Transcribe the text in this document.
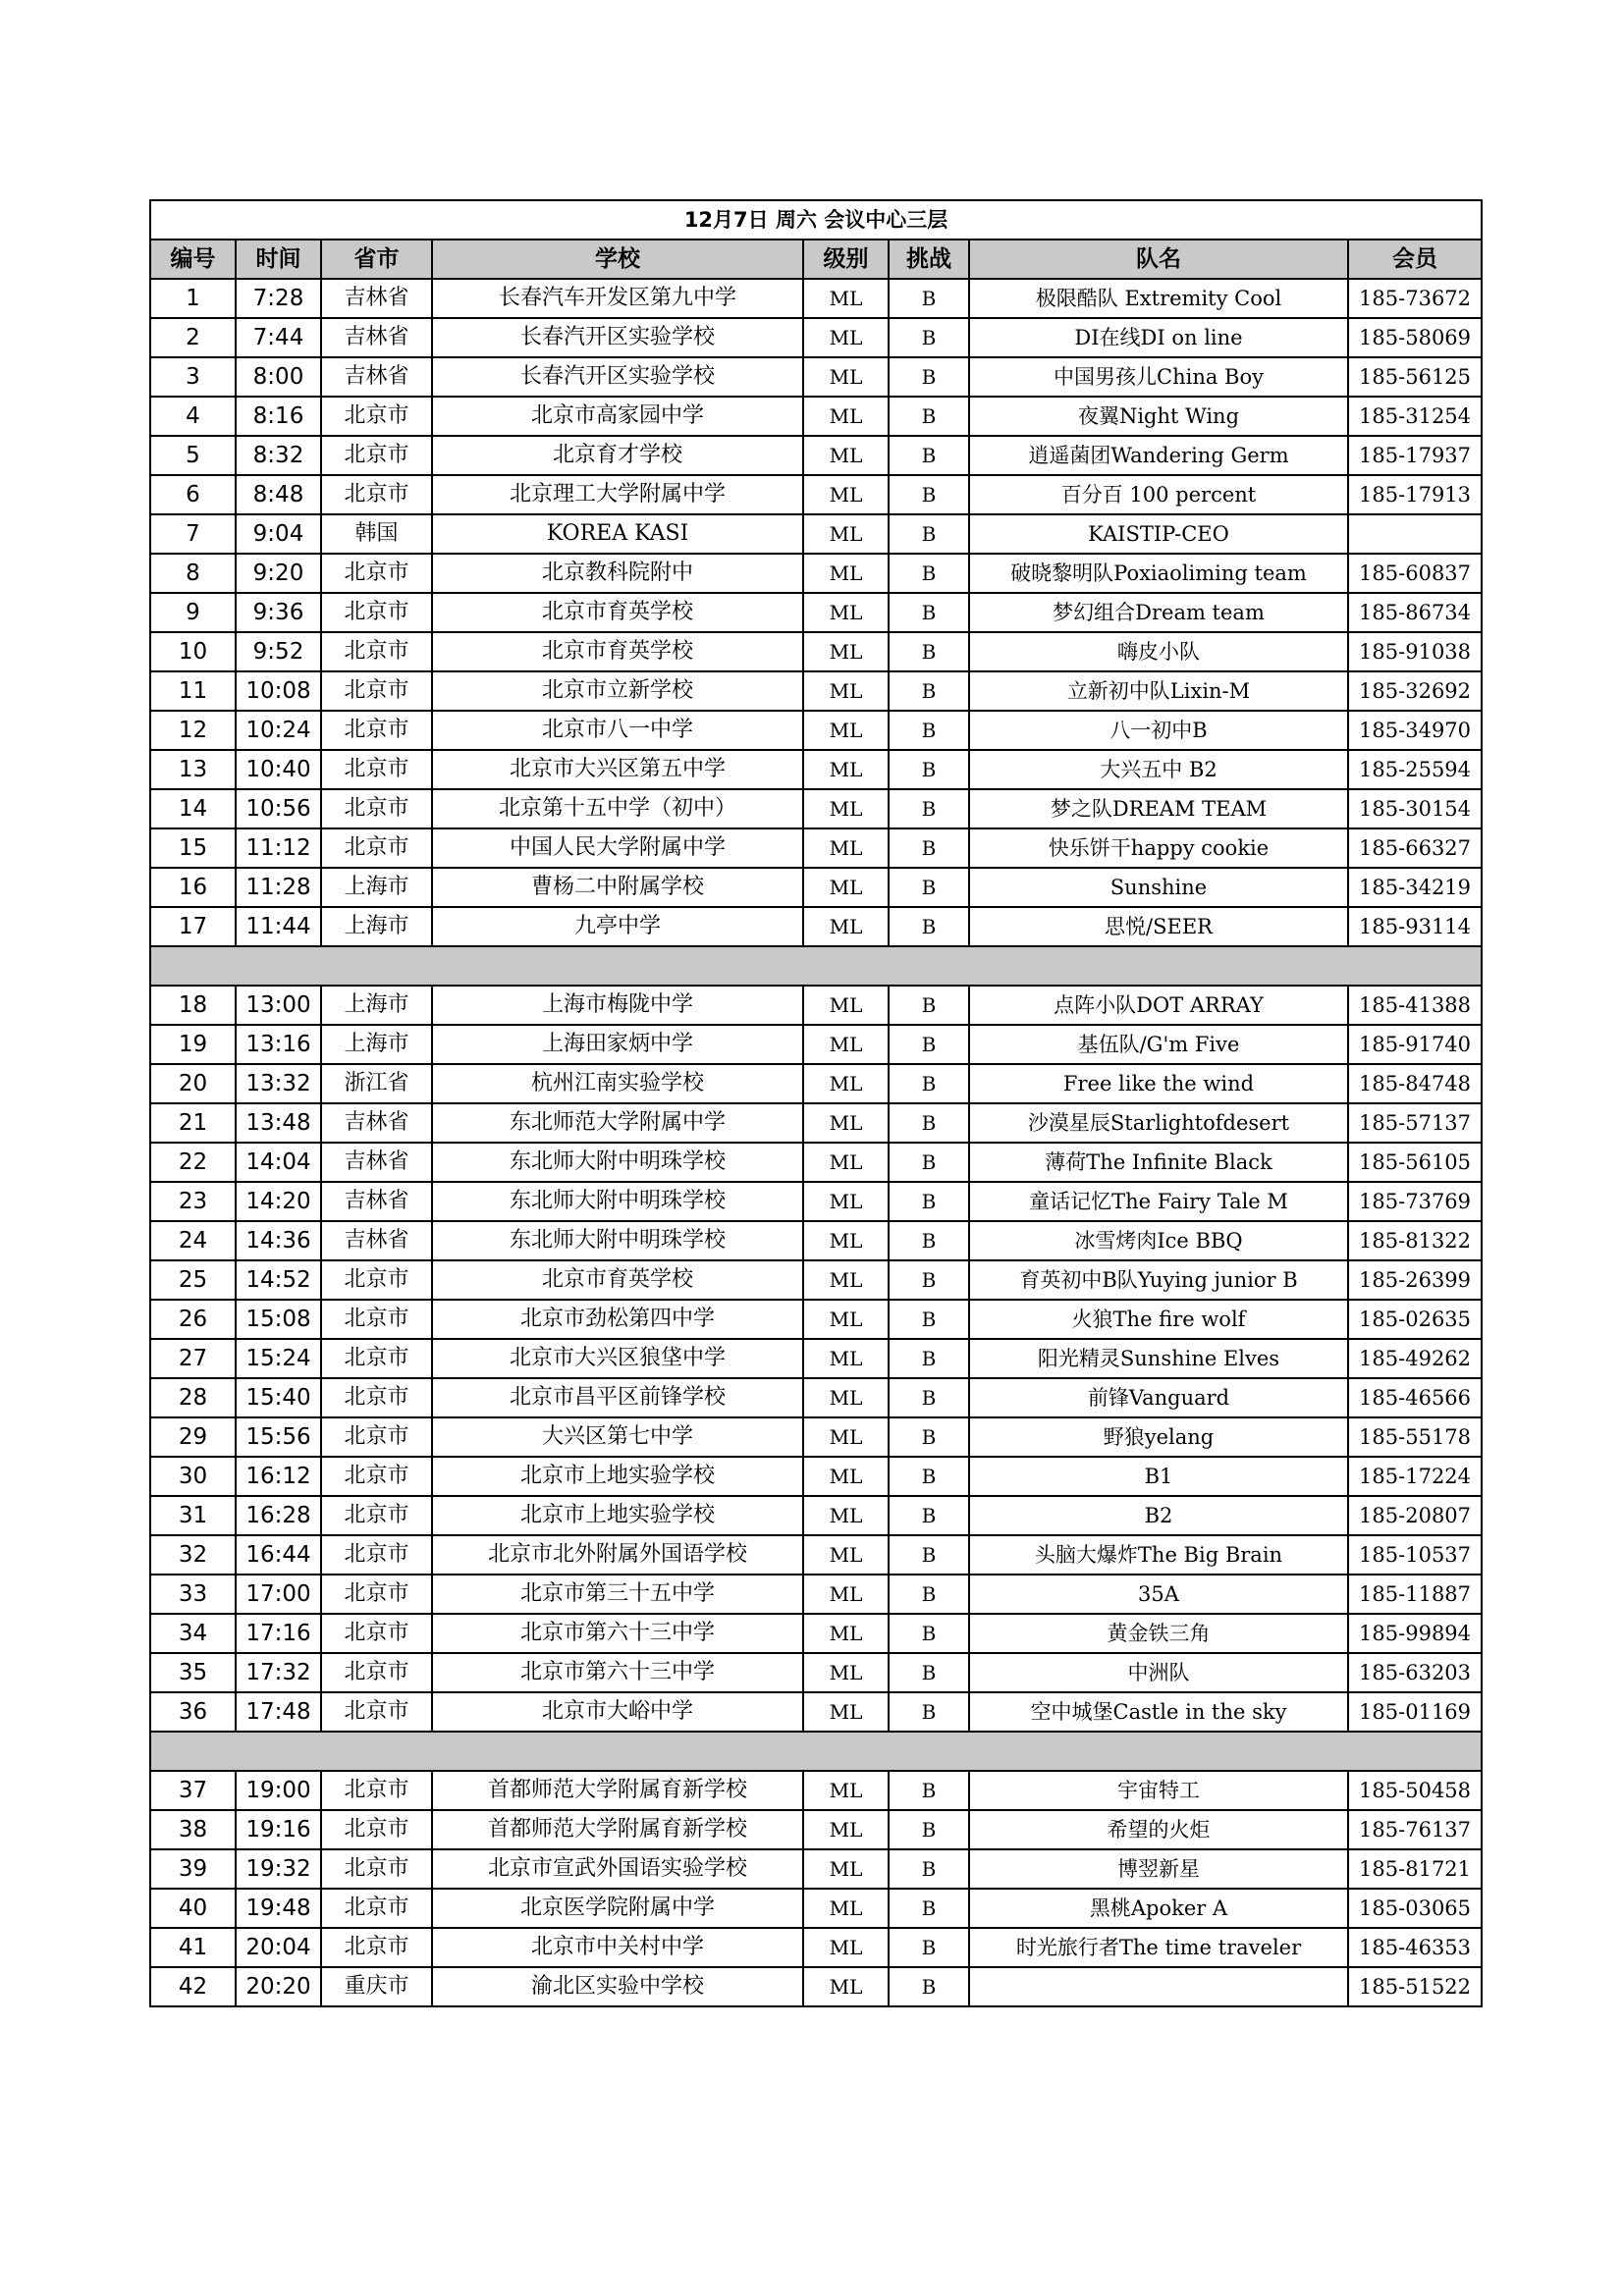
12月7日 周六 会议中心三层							
编号	时间	省市	学校	级别	挑战	队名	会员
1	7:28	吉林省	长春汽车开发区第九中学	ML	B	极限酷队 Extremity Cool	185-73672
2	7:44	吉林省	长春汽开区实验学校	ML	B	DI在线DI on line	185-58069
3	8:00	吉林省	长春汽开区实验学校	ML	B	中国男孩儿China Boy	185-56125
4	8:16	北京市	北京市高家园中学	ML	B	夜翼Night Wing	185-31254
5	8:32	北京市	北京育才学校	ML	B	逍遥菌团Wandering Germ	185-17937
6	8:48	北京市	北京理工大学附属中学	ML	B	百分百 100 percent	185-17913
7	9:04	韩国	KOREA KASI	ML	B	KAISTIP-CEO	
8	9:20	北京市	北京教科院附中	ML	B	破晓黎明队Poxiaoliming team	185-60837
9	9:36	北京市	北京市育英学校	ML	B	梦幻组合Dream team	185-86734
10	9:52	北京市	北京市育英学校	ML	B	嗨皮小队	185-91038
11	10:08	北京市	北京市立新学校	ML	B	立新初中队Lixin-M	185-32692
12	10:24	北京市	北京市八一中学	ML	B	八一初中B	185-34970
13	10:40	北京市	北京市大兴区第五中学	ML	B	大兴五中 B2	185-25594
14	10:56	北京市	北京第十五中学（初中）	ML	B	梦之队DREAM TEAM	185-30154
15	11:12	北京市	中国人民大学附属中学	ML	B	快乐饼干happy cookie	185-66327
16	11:28	上海市	曹杨二中附属学校	ML	B	Sunshine	185-34219
17	11:44	上海市	九亭中学	ML	B	思悦/SEER	185-93114

18	13:00	上海市	上海市梅陇中学	ML	B	点阵小队DOT ARRAY	185-41388
19	13:16	上海市	上海田家炳中学	ML	B	基伍队/G'm Five	185-91740
20	13:32	浙江省	杭州江南实验学校	ML	B	Free like the wind	185-84748
21	13:48	吉林省	东北师范大学附属中学	ML	B	沙漠星辰Starlightofdesert	185-57137
22	14:04	吉林省	东北师大附中明珠学校	ML	B	薄荷The Infinite Black	185-56105
23	14:20	吉林省	东北师大附中明珠学校	ML	B	童话记忆The Fairy Tale M	185-73769
24	14:36	吉林省	东北师大附中明珠学校	ML	B	冰雪烤肉Ice BBQ	185-81322
25	14:52	北京市	北京市育英学校	ML	B	育英初中B队Yuying junior B	185-26399
26	15:08	北京市	北京市劲松第四中学	ML	B	火狼The fire wolf	185-02635
27	15:24	北京市	北京市大兴区狼垡中学	ML	B	阳光精灵Sunshine Elves	185-49262
28	15:40	北京市	北京市昌平区前锋学校	ML	B	前锋Vanguard	185-46566
29	15:56	北京市	大兴区第七中学	ML	B	野狼yelang	185-55178
30	16:12	北京市	北京市上地实验学校	ML	B	B1	185-17224
31	16:28	北京市	北京市上地实验学校	ML	B	B2	185-20807
32	16:44	北京市	北京市北外附属外国语学校	ML	B	头脑大爆炸The Big Brain	185-10537
33	17:00	北京市	北京市第三十五中学	ML	B	35A	185-11887
34	17:16	北京市	北京市第六十三中学	ML	B	黄金铁三角	185-99894
35	17:32	北京市	北京市第六十三中学	ML	B	中洲队	185-63203
36	17:48	北京市	北京市大峪中学	ML	B	空中城堡Castle in the sky	185-01169

37	19:00	北京市	首都师范大学附属育新学校	ML	B	宇宙特工	185-50458
38	19:16	北京市	首都师范大学附属育新学校	ML	B	希望的火炬	185-76137
39	19:32	北京市	北京市宣武外国语实验学校	ML	B	博翌新星	185-81721
40	19:48	北京市	北京医学院附属中学	ML	B	黑桃Apoker A	185-03065
41	20:04	北京市	北京市中关村中学	ML	B	时光旅行者The time traveler	185-46353
42	20:20	重庆市	渝北区实验中学校	ML	B		185-51522
